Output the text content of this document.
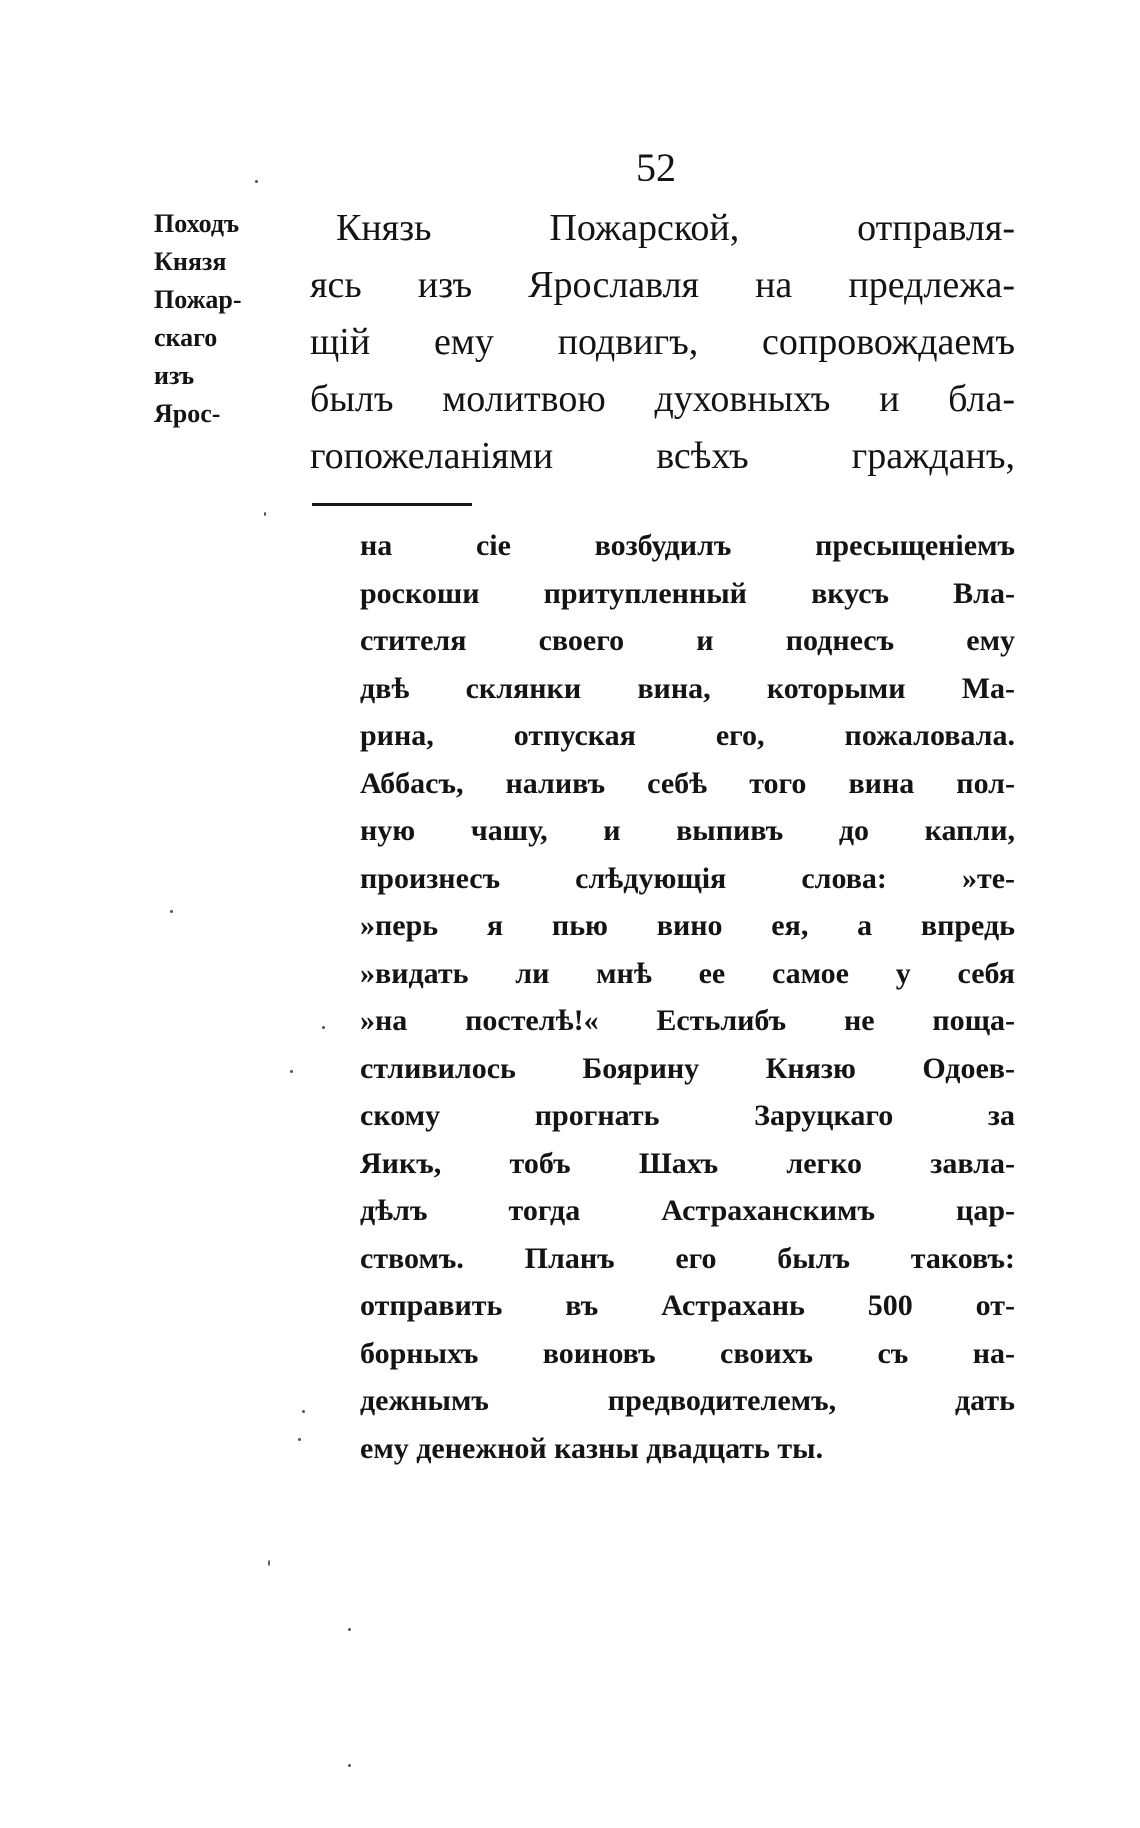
52
Походъ
Князя
Пожар-
скаго
изъ
Ярос-
Князь Пожарской, отправля-
ясь изъ Ярославля на предлежа-
щій ему подвигъ, сопровождаемъ
былъ молитвою духовныхъ и бла-
гопожеланіями всѣхъ гражданъ,
на сіе возбудилъ пресыщеніемъ
роскоши притупленный вкусъ Вла-
стителя своего и поднесъ ему
двѣ склянки вина, которыми Ма-
рина, отпуская его, пожаловала.
Аббасъ, наливъ себѣ того вина пол-
ную чашу, и выпивъ до капли,
произнесъ слѣдующія слова: »те-
»перь я пью вино ея, а впредь
»видать ли мнѣ ее самое у себя
»на постелѣ!« Естьлибъ не поща-
стливилось Боярину Князю Одоев-
скому прогнать Заруцкаго за
Яикъ, тобъ Шахъ легко завла-
дѣлъ тогда Астраханскимъ цар-
ствомъ. Планъ его былъ таковъ:
отправить въ Астрахань 500 от-
борныхъ воиновъ своихъ съ на-
дежнымъ предводителемъ, дать
ему денежной казны двадцать ты.
